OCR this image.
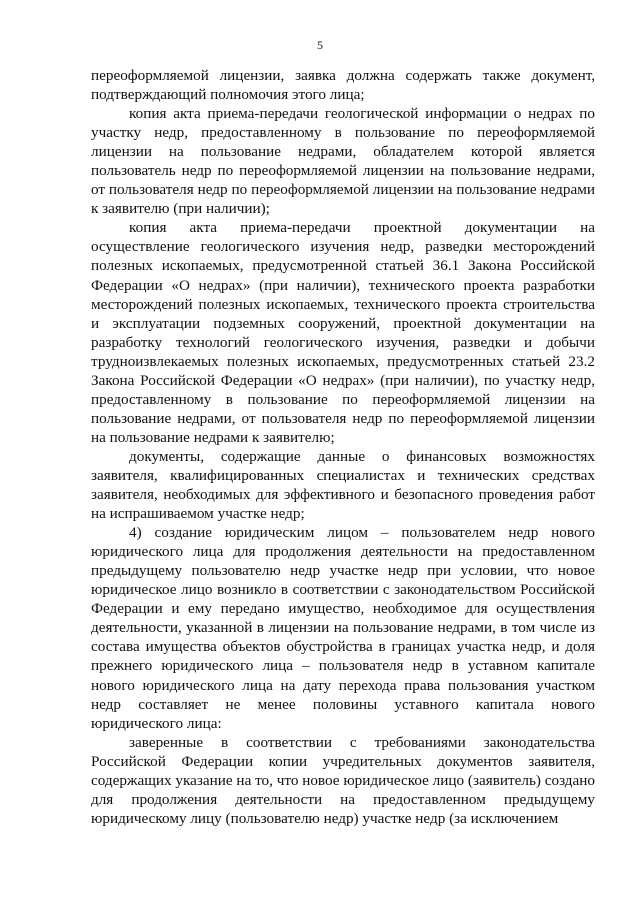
5

переоформляемой лицензии, заявка должна содержать также документ, подтверждающий полномочия этого лица;

копия акта приема-передачи геологической информации о недрах по участку недр, предоставленному в пользование по переоформляемой лицензии на пользование недрами, обладателем которой является пользователь недр по переоформляемой лицензии на пользование недрами, от пользователя недр по переоформляемой лицензии на пользование недрами к заявителю (при наличии);

копия акта приема-передачи проектной документации на осуществление геологического изучения недр, разведки месторождений полезных ископаемых, предусмотренной статьей 36.1 Закона Российской Федерации «О недрах» (при наличии), технического проекта разработки месторождений полезных ископаемых, технического проекта строительства и эксплуатации подземных сооружений, проектной документации на разработку технологий геологического изучения, разведки и добычи трудноизвлекаемых полезных ископаемых, предусмотренных статьей 23.2 Закона Российской Федерации «О недрах» (при наличии), по участку недр, предоставленному в пользование по переоформляемой лицензии на пользование недрами, от пользователя недр по переоформляемой лицензии на пользование недрами к заявителю;

документы, содержащие данные о финансовых возможностях заявителя, квалифицированных специалистах и технических средствах заявителя, необходимых для эффективного и безопасного проведения работ на испрашиваемом участке недр;

4) создание юридическим лицом – пользователем недр нового юридического лица для продолжения деятельности на предоставленном предыдущему пользователю недр участке недр при условии, что новое юридическое лицо возникло в соответствии с законодательством Российской Федерации и ему передано имущество, необходимое для осуществления деятельности, указанной в лицензии на пользование недрами, в том числе из состава имущества объектов обустройства в границах участка недр, и доля прежнего юридического лица – пользователя недр в уставном капитале нового юридического лица на дату перехода права пользования участком недр составляет не менее половины уставного капитала нового юридического лица:

заверенные в соответствии с требованиями законодательства Российской Федерации копии учредительных документов заявителя, содержащих указание на то, что новое юридическое лицо (заявитель) создано для продолжения деятельности на предоставленном предыдущему юридическому лицу (пользователю недр) участке недр (за исключением
